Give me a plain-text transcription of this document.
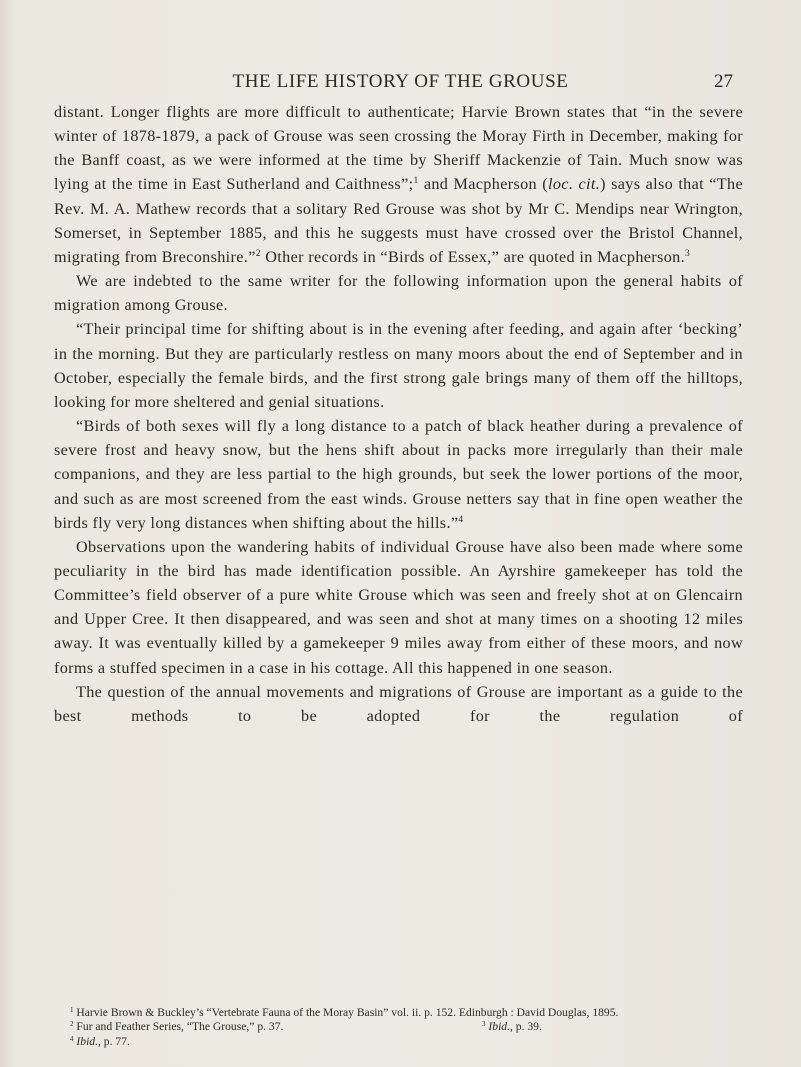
THE LIFE HISTORY OF THE GROUSE	27

distant. Longer flights are more difficult to authenticate; Harvie Brown states that “in the severe winter of 1878-1879, a pack of Grouse was seen crossing the Moray Firth in December, making for the Banff coast, as we were informed at the time by Sheriff Mackenzie of Tain. Much snow was lying at the time in East Sutherland and Caithness”;$^1$ and Macpherson (loc. cit.) says also that “The Rev. M. A. Mathew records that a solitary Red Grouse was shot by Mr C. Mendips near Wrington, Somerset, in September 1885, and this he suggests must have crossed over the Bristol Channel, migrating from Breconshire.”$^2$ Other records in “Birds of Essex,” are quoted in Macpherson.$^3$

We are indebted to the same writer for the following information upon the general habits of migration among Grouse.

“Their principal time for shifting about is in the evening after feeding, and again after ‘becking’ in the morning. But they are particularly restless on many moors about the end of September and in October, especially the female birds, and the first strong gale brings many of them off the hilltops, looking for more sheltered and genial situations.

“Birds of both sexes will fly a long distance to a patch of black heather during a prevalence of severe frost and heavy snow, but the hens shift about in packs more irregularly than their male companions, and they are less partial to the high grounds, but seek the lower portions of the moor, and such as are most screened from the east winds. Grouse netters say that in fine open weather the birds fly very long distances when shifting about the hills.”$^4$

Observations upon the wandering habits of individual Grouse have also been made where some peculiarity in the bird has made identification possible. An Ayrshire gamekeeper has told the Committee’s field observer of a pure white Grouse which was seen and freely shot at on Glencairn and Upper Cree. It then disappeared, and was seen and shot at many times on a shooting 12 miles away. It was eventually killed by a gamekeeper 9 miles away from either of these moors, and now forms a stuffed specimen in a case in his cottage. All this happened in one season.

The question of the annual movements and migrations of Grouse are important as a guide to the best methods to be adopted for the regulation of

$^1$ Harvie Brown & Buckley’s “Vertebrate Fauna of the Moray Basin” vol. ii. p. 152. Edinburgh : David Douglas, 1895.

$^2$ Fur and Feather Series, “The Grouse,” p. 37.	$^3$ Ibid., p. 39.

$^4$ Ibid., p. 77.
